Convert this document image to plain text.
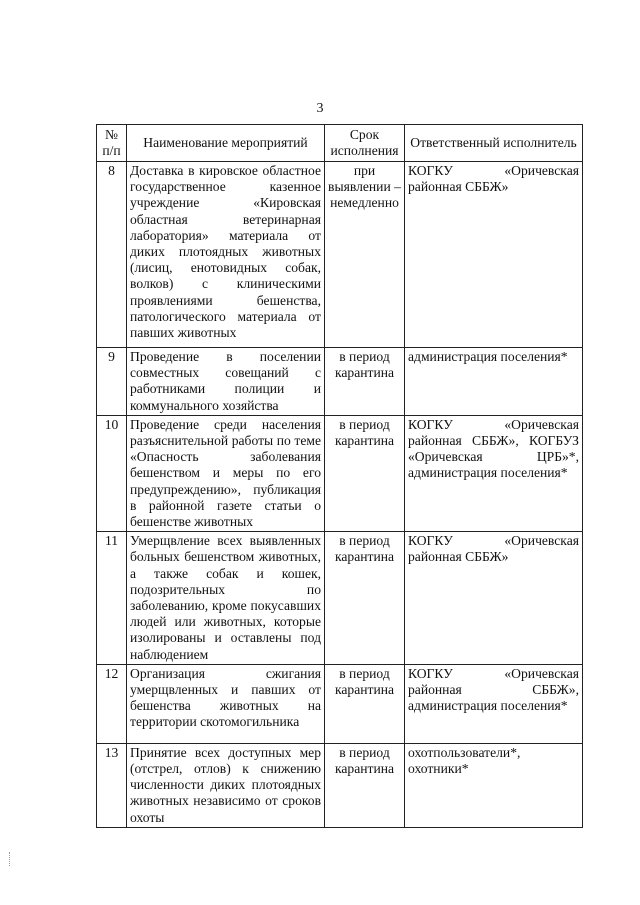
3
№ п/п	Наименование мероприятий	Срок исполнения	Ответственный исполнитель
8	Доставка в кировское областное государственное казенное учреждение «Кировская областная ветеринарная лаборатория» материала от диких плотоядных животных (лисиц, енотовидных собак, волков) с клиническими проявлениями бешенства, патологического материала от павших животных	при выявлении – немедленно	КОГКУ «Оричевская районная СББЖ»
9	Проведение в поселении совместных совещаний с работниками полиции и коммунального хозяйства	в период карантина	администрация поселения*
10	Проведение среди населения разъяснительной работы по теме «Опасность заболевания бешенством и меры по его предупреждению», публикация в районной газете статьи о бешенстве животных	в период карантина	КОГКУ «Оричевская районная СББЖ», КОГБУЗ «Оричевская ЦРБ»*, администрация поселения*
11	Умерщвление всех выявленных больных бешенством животных, а также собак и кошек, подозрительных по заболеванию, кроме покусавших людей или животных, которые изолированы и оставлены под наблюдением	в период карантина	КОГКУ «Оричевская районная СББЖ»
12	Организация сжигания умерщвленных и павших от бешенства животных на территории скотомогильника	в период карантина	КОГКУ «Оричевская районная СББЖ», администрация поселения*
13	Принятие всех доступных мер (отстрел, отлов) к снижению численности диких плотоядных животных независимо от сроков охоты	в период карантина	охотпользователи*, охотники*
